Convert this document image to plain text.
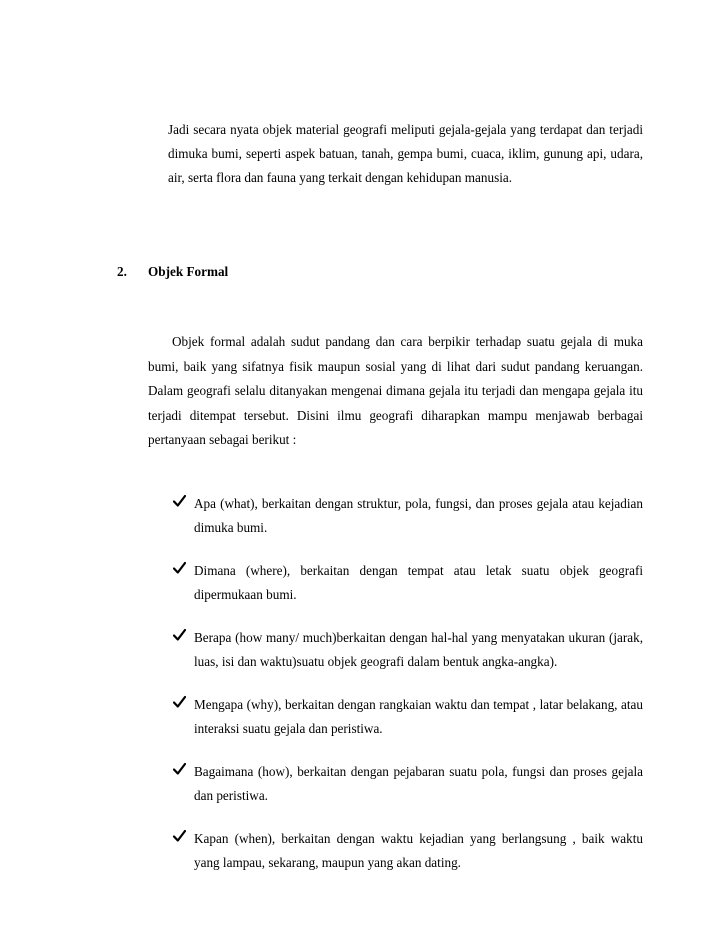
Jadi secara nyata objek material geografi meliputi gejala-gejala yang terdapat dan terjadi dimuka bumi, seperti aspek batuan, tanah, gempa bumi, cuaca, iklim, gunung api, udara, air, serta flora dan fauna yang terkait dengan kehidupan manusia.
2. Objek Formal
Objek formal adalah sudut pandang dan cara berpikir terhadap suatu gejala di muka bumi, baik yang sifatnya fisik maupun sosial yang di lihat dari sudut pandang keruangan. Dalam geografi selalu ditanyakan mengenai dimana gejala itu terjadi dan mengapa gejala itu terjadi ditempat tersebut. Disini ilmu geografi diharapkan mampu menjawab berbagai pertanyaan sebagai berikut :
Apa (what), berkaitan dengan struktur, pola, fungsi, dan proses gejala atau kejadian dimuka bumi.
Dimana (where), berkaitan dengan tempat atau letak suatu objek geografi dipermukaan bumi.
Berapa (how many/ much)berkaitan dengan hal-hal yang menyatakan ukuran (jarak, luas, isi dan waktu)suatu objek geografi dalam bentuk angka-angka).
Mengapa (why), berkaitan dengan rangkaian waktu dan tempat , latar belakang, atau interaksi suatu gejala dan peristiwa.
Bagaimana (how), berkaitan dengan pejabaran suatu pola, fungsi dan proses gejala dan peristiwa.
Kapan (when), berkaitan dengan waktu kejadian yang berlangsung , baik waktu yang lampau, sekarang, maupun yang akan dating.
